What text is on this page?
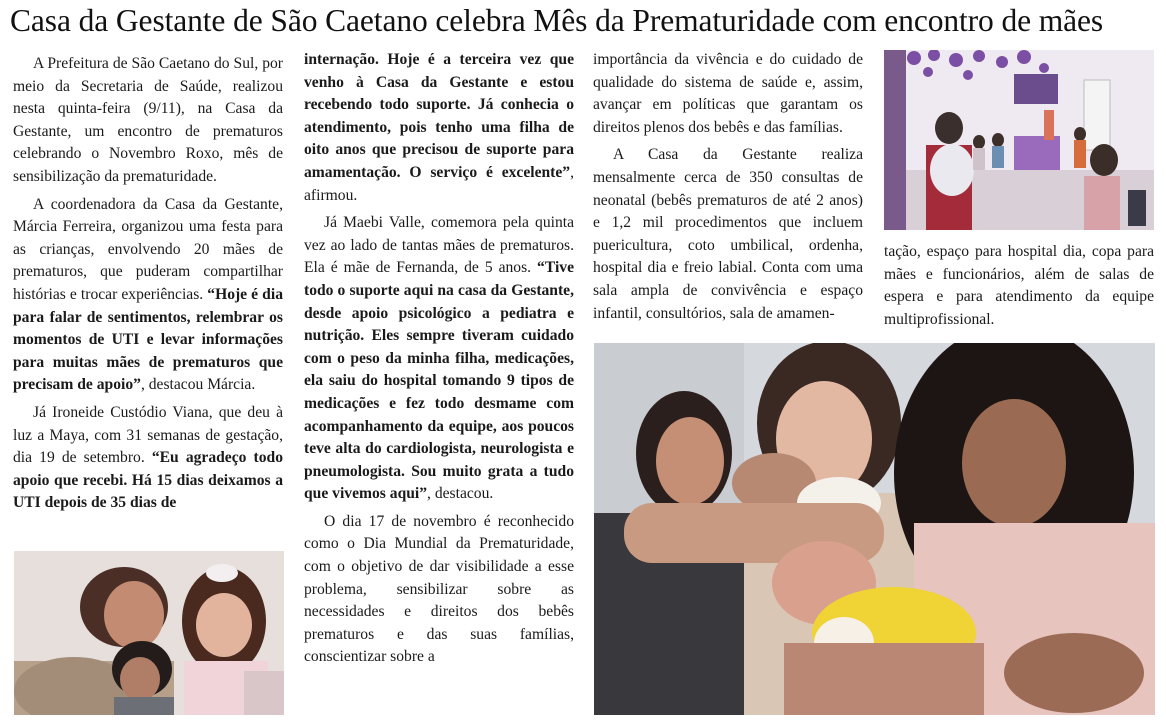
Casa da Gestante de São Caetano celebra Mês da Prematuridade com encontro de mães

A Prefeitura de São Caetano do Sul, por meio da Secretaria de Saúde, realizou nesta quinta-feira (9/11), na Casa da Gestante, um encontro de prematuros celebrando o Novembro Roxo, mês de sensibilização da prematuridade.

A coordenadora da Casa da Gestante, Márcia Ferreira, organizou uma festa para as crianças, envolvendo 20 mães de prematuros, que puderam compartilhar histórias e trocar experiências. “Hoje é dia para falar de sentimentos, relembrar os momentos de UTI e levar informações para muitas mães de prematuros que precisam de apoio”, destacou Márcia.

Já Ironeide Custódio Viana, que deu à luz a Maya, com 31 semanas de gestação, dia 19 de setembro. “Eu agradeço todo apoio que recebi. Há 15 dias deixamos a UTI depois de 35 dias de

internação. Hoje é a terceira vez que venho à Casa da Gestante e estou recebendo todo suporte. Já conhecia o atendimento, pois tenho uma filha de oito anos que precisou de suporte para amamentação. O serviço é excelente”, afirmou.

Já Maebi Valle, comemora pela quinta vez ao lado de tantas mães de prematuros. Ela é mãe de Fernanda, de 5 anos. “Tive todo o suporte aqui na casa da Gestante, desde apoio psicológico a pediatra e nutrição. Eles sempre tiveram cuidado com o peso da minha filha, medicações, ela saiu do hospital tomando 9 tipos de medicações e fez todo desmame com acompanhamento da equipe, aos poucos teve alta do cardiologista, neurologista e pneumologista. Sou muito grata a tudo que vivemos aqui”, destacou.

O dia 17 de novembro é reconhecido como o Dia Mundial da Prematuridade, com o objetivo de dar visibilidade a esse problema, sensibilizar sobre as necessidades e direitos dos bebês prematuros e das suas famílias, conscientizar sobre a

importância da vivência e do cuidado de qualidade do sistema de saúde e, assim, avançar em políticas que garantam os direitos plenos dos bebês e das famílias.

A Casa da Gestante realiza mensalmente cerca de 350 consultas de neonatal (bebês prematuros de até 2 anos) e 1,2 mil procedimentos que incluem puericultura, coto umbilical, ordenha, hospital dia e freio labial. Conta com uma sala ampla de convivência e espaço infantil, consultórios, sala de amamen-

tação, espaço para hospital dia, copa para mães e funcionários, além de salas de espera e para atendimento da equipe multiprofissional.
